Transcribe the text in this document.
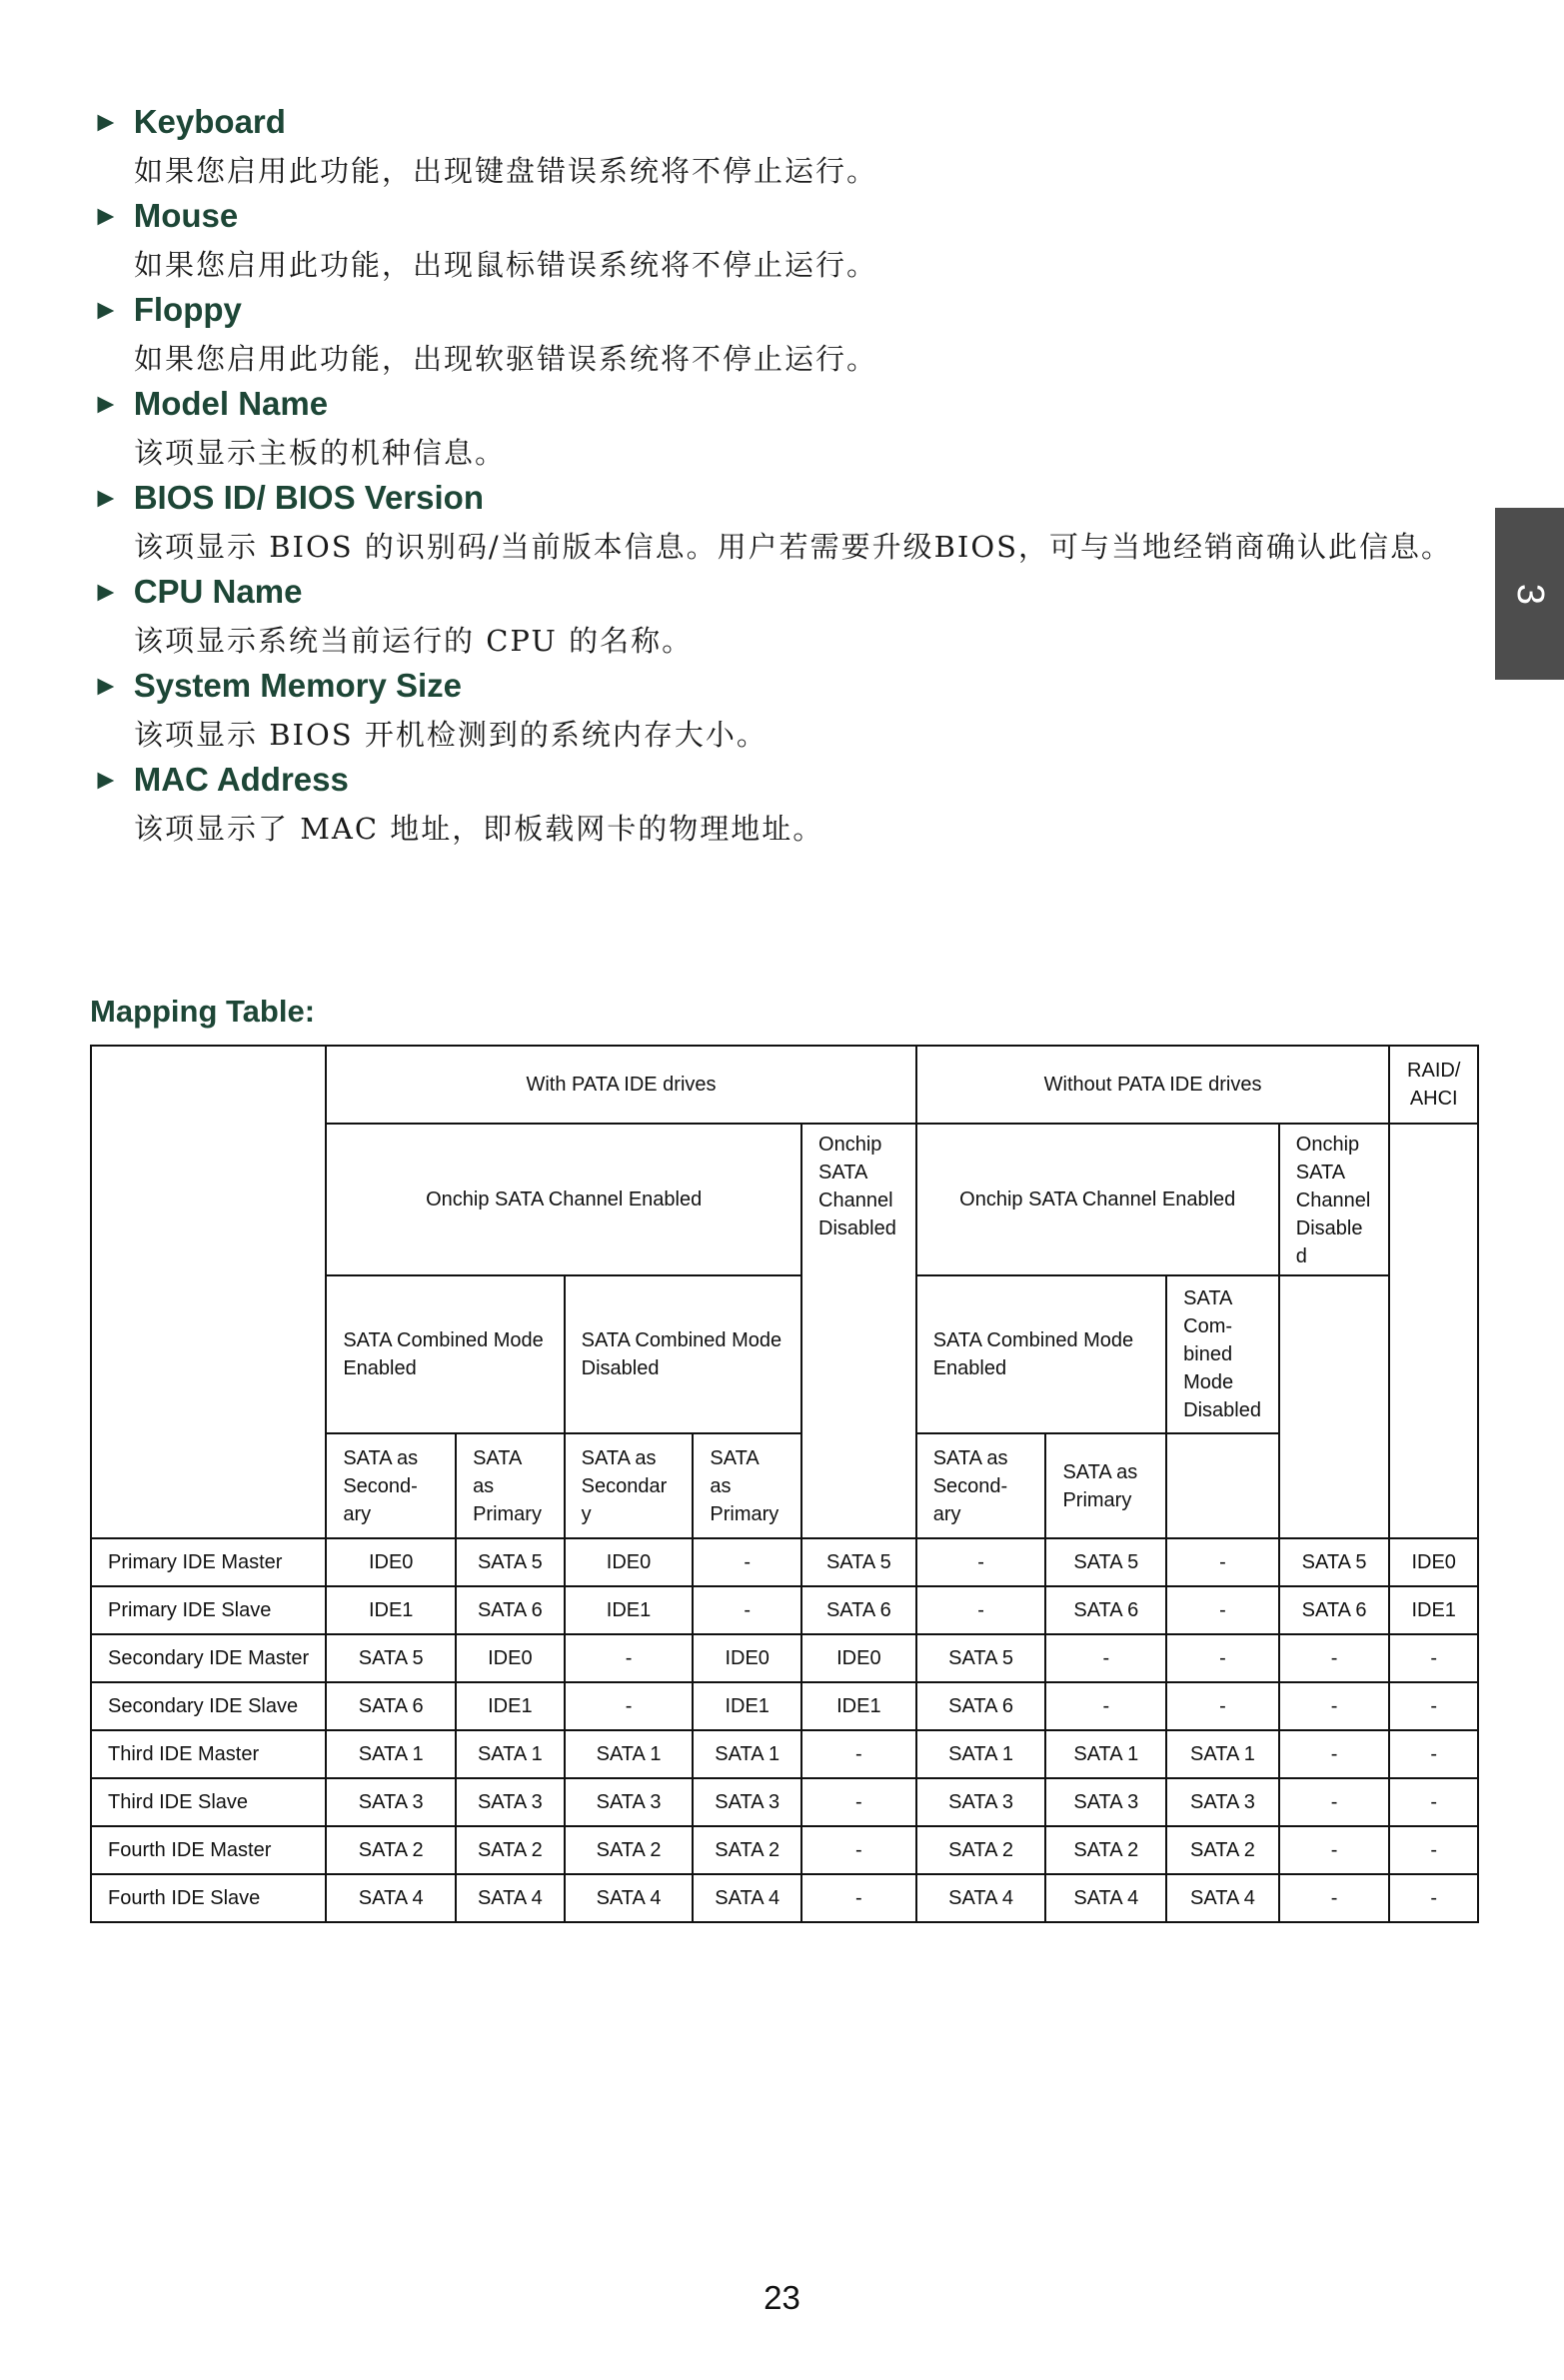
► Keyboard
如果您启用此功能，出现键盘错误系统将不停止运行。
► Mouse
如果您启用此功能，出现鼠标错误系统将不停止运行。
► Floppy
如果您启用此功能，出现软驱错误系统将不停止运行。
► Model Name
该项显示主板的机种信息。
► BIOS ID/ BIOS Version
该项显示 BIOS 的识别码/当前版本信息。用户若需要升级BIOS，可与当地经销商确认此信息。
► CPU Name
该项显示系统当前运行的 CPU 的名称。
► System Memory Size
该项显示 BIOS 开机检测到的系统内存大小。
► MAC Address
该项显示了 MAC 地址，即板载网卡的物理地址。
3
Mapping Table:
	With PATA IDE drives					Without PATA IDE drives				RAID/ AHCI
	Onchip SATA Channel Enabled				Onchip SATA Channel Disabled	Onchip SATA Channel Enabled			Onchip SATA Channel Disabled	
	SATA Combined Mode Enabled		SATA Combined Mode Disabled			SATA Combined Mode Enabled		SATA Com- bined Mode Disabled		
	SATA as Second- ary	SATA as Primary	SATA as Secondary	SATA as Primary		SATA as Second- ary	SATA as Primary			
Primary IDE Master	IDE0	SATA 5	IDE0	-	SATA 5	-	SATA 5	-	SATA 5	IDE0
Primary IDE Slave	IDE1	SATA 6	IDE1	-	SATA 6	-	SATA 6	-	SATA 6	IDE1
Secondary IDE Master	SATA 5	IDE0	-	IDE0	IDE0	SATA 5	-	-	-	-
Secondary IDE Slave	SATA 6	IDE1	-	IDE1	IDE1	SATA 6	-	-	-	-
Third IDE Master	SATA 1	SATA 1	SATA 1	SATA 1	-	SATA 1	SATA 1	SATA 1	-	-
Third IDE Slave	SATA 3	SATA 3	SATA 3	SATA 3	-	SATA 3	SATA 3	SATA 3	-	-
Fourth IDE Master	SATA 2	SATA 2	SATA 2	SATA 2	-	SATA 2	SATA 2	SATA 2	-	-
Fourth IDE Slave	SATA 4	SATA 4	SATA 4	SATA 4	-	SATA 4	SATA 4	SATA 4	-	-
23
